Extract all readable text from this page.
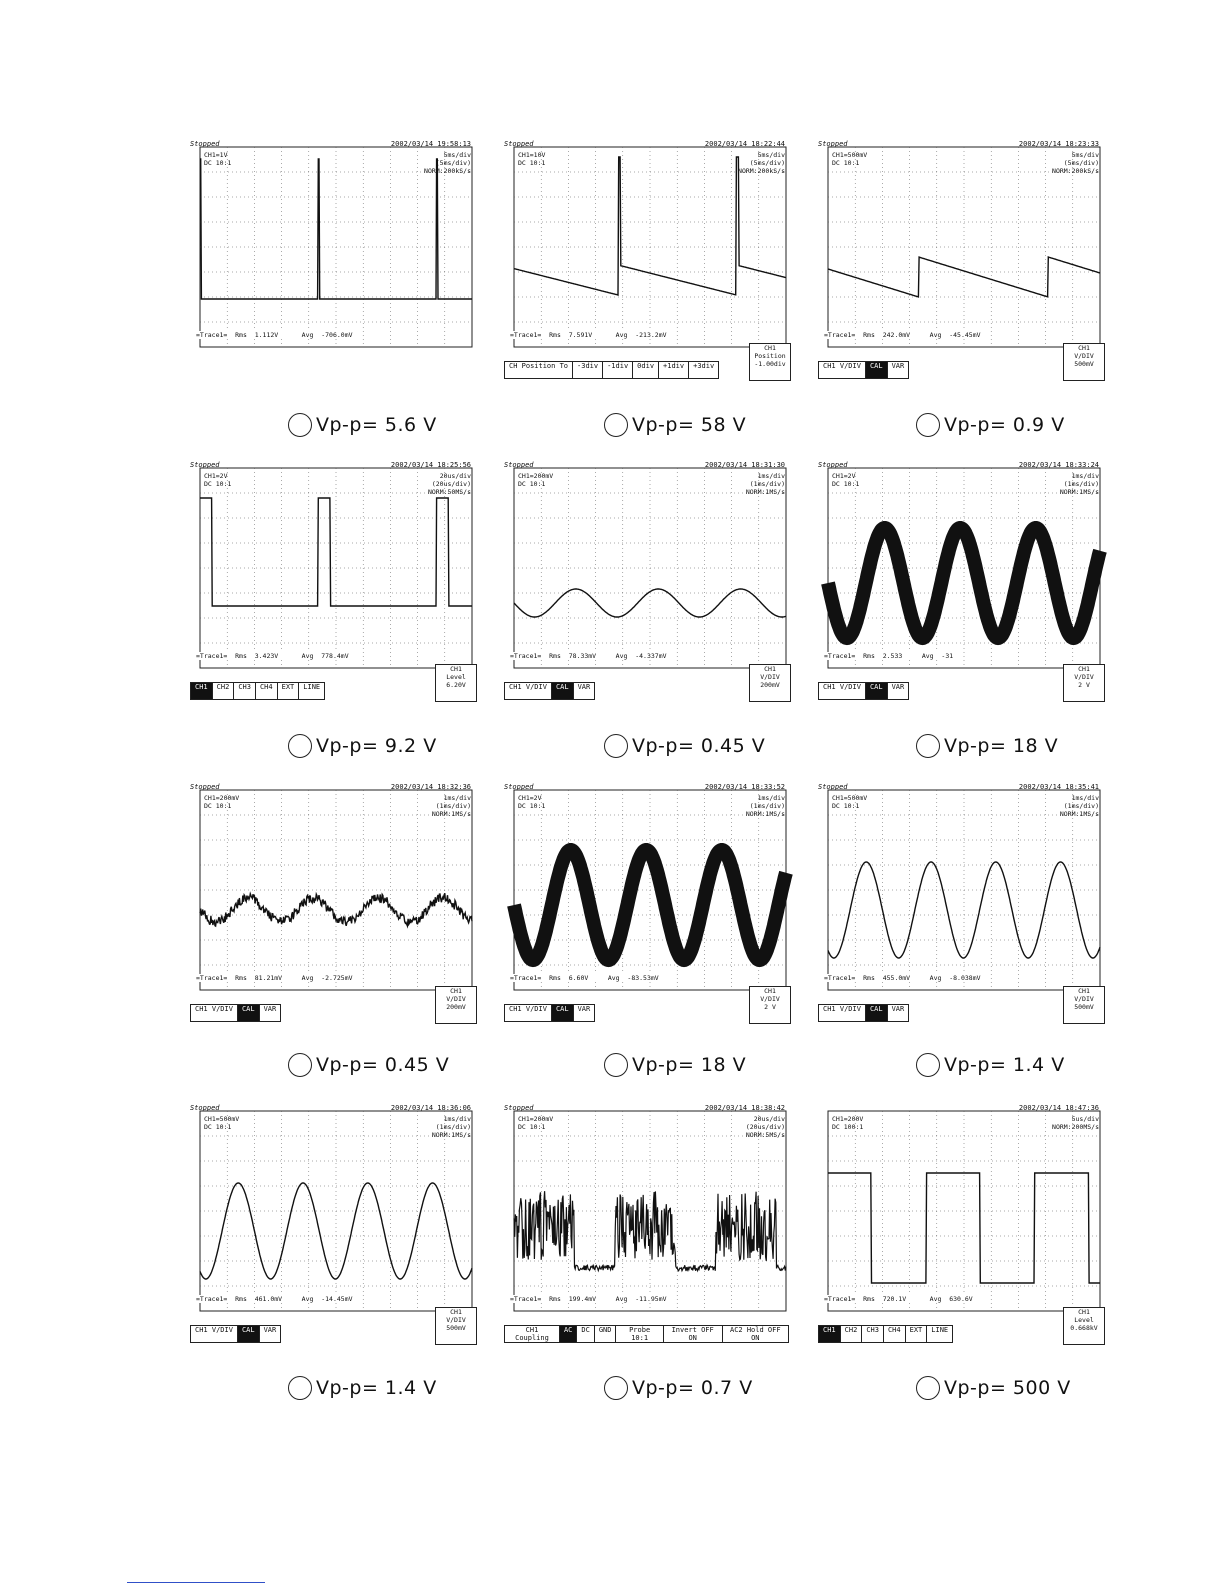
Stopped	2002/03/14 19:58:13
CH1=1V
DC 10:1
5ms/div
(5ms/div)
NORM:200kS/s
=Trace1=  Rms  1.112V      Avg  -706.0mV
Stopped	2002/03/14 18:22:44
CH1=10V
DC 10:1
5ms/div
(5ms/div)
NORM:200kS/s
=Trace1=  Rms  7.591V      Avg  -213.2mV
CH Position To	-3div	-1div	0div	+1div	+3div
CH1
Position
-1.00div
Stopped	2002/03/14 18:23:33
CH1=500mV
DC 10:1
5ms/div
(5ms/div)
NORM:200kS/s
=Trace1=  Rms  242.0mV     Avg  -45.45mV
CH1 V/DIV	CAL	VAR
CH1
V/DIV
500mV
Stopped	2002/03/14 18:25:56
CH1=2V
DC 10:1
20us/div
(20us/div)
NORM:50MS/s
=Trace1=  Rms  3.423V      Avg  778.4mV
CH1	CH2	CH3	CH4	EXT	LINE
CH1
Level
6.20V
Stopped	2002/03/14 18:31:30
CH1=200mV
DC 10:1
1ms/div
(1ms/div)
NORM:1MS/s
=Trace1=  Rms  78.33mV     Avg  -4.337mV
CH1 V/DIV	CAL	VAR
CH1
V/DIV
200mV
Stopped	2002/03/14 18:33:24
CH1=2V
DC 10:1
1ms/div
(1ms/div)
NORM:1MS/s
=Trace1=  Rms  2.533     Avg  -31
CH1 V/DIV	CAL	VAR
CH1
V/DIV
2 V
Stopped	2002/03/14 18:32:36
CH1=200mV
DC 10:1
1ms/div
(1ms/div)
NORM:1MS/s
=Trace1=  Rms  81.21mV     Avg  -2.725mV
CH1 V/DIV	CAL	VAR
CH1
V/DIV
200mV
Stopped	2002/03/14 18:33:52
CH1=2V
DC 10:1
1ms/div
(1ms/div)
NORM:1MS/s
=Trace1=  Rms  6.60V     Avg  -83.53mV
CH1 V/DIV	CAL	VAR
CH1
V/DIV
2 V
Stopped	2002/03/14 18:35:41
CH1=500mV
DC 10:1
1ms/div
(1ms/div)
NORM:1MS/s
=Trace1=  Rms  455.0mV     Avg  -8.038mV
CH1 V/DIV	CAL	VAR
CH1
V/DIV
500mV
Stopped	2002/03/14 18:36:06
CH1=500mV
DC 10:1
1ms/div
(1ms/div)
NORM:1MS/s
=Trace1=  Rms  461.0mV     Avg  -14.45mV
CH1 V/DIV	CAL	VAR
CH1
V/DIV
500mV
Stopped	2002/03/14 18:38:42
CH1=200mV
DC 10:1
20us/div
(20us/div)
NORM:5MS/s
=Trace1=  Rms  199.4mV     Avg  -11.95mV
CH1 Coupling
AC	DC	GND	Probe 10:1
Invert OFF ON
AC2 Hold OFF ON
2002/03/14 18:47:36
CH1=200V
DC 100:1
5us/div
NORM:200MS/s
=Trace1=  Rms  720.1V      Avg  630.6V
CH1	CH2	CH3	CH4	EXT	LINE
CH1
Level
0.668kV
Vp-p= 5.6 V	Vp-p= 58 V	Vp-p= 0.9 V
Vp-p= 9.2 V	Vp-p= 0.45 V	Vp-p= 18 V
Vp-p= 0.45 V	Vp-p= 18 V	Vp-p= 1.4 V
Vp-p= 1.4 V	Vp-p= 0.7 V	Vp-p= 500 V
